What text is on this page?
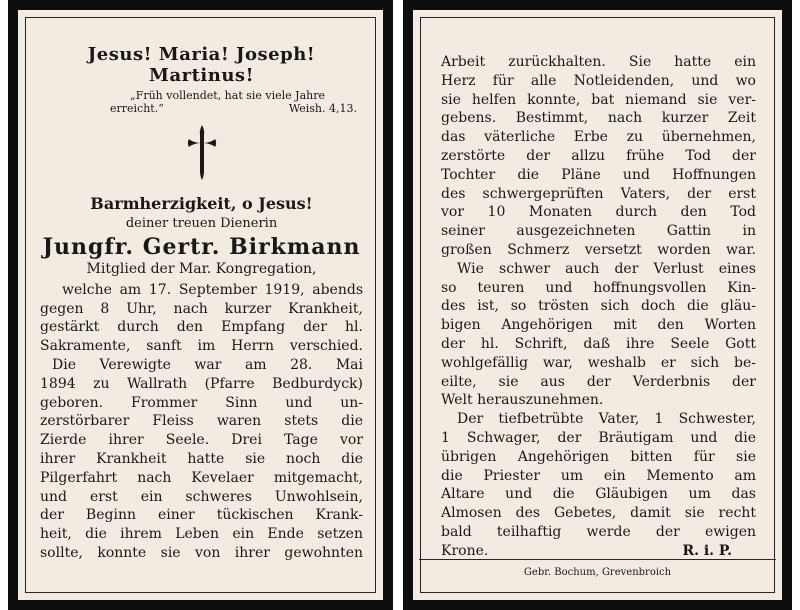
Jesus! Maria! Joseph!
Martinus!
„Früh vollendet, hat sie viele Jahre
erreicht.“	Weish. 4,13.
Barmherzigkeit, o Jesus!
deiner treuen Dienerin
Jungfr. Gertr. Birkmann
Mitglied der Mar. Kongregation,
welche am 17. September 1919, abends
gegen 8 Uhr, nach kurzer Krankheit,
gestärkt durch den Empfang der hl.
Sakramente, sanft im Herrn verschied.
Die Verewigte war am 28. Mai
1894 zu Wallrath (Pfarre Bedburdyck)
geboren. Frommer Sinn und un-
zerstörbarer Fleiss waren stets die
Zierde ihrer Seele. Drei Tage vor
ihrer Krankheit hatte sie noch die
Pilgerfahrt nach Kevelaer mitgemacht,
und erst ein schweres Unwohlsein,
der Beginn einer tückischen Krank-
heit, die ihrem Leben ein Ende setzen
sollte, konnte sie von ihrer gewohnten
Arbeit zurückhalten. Sie hatte ein
Herz für alle Notleidenden, und wo
sie helfen konnte, bat niemand sie ver-
gebens. Bestimmt, nach kurzer Zeit
das väterliche Erbe zu übernehmen,
zerstörte der allzu frühe Tod der
Tochter die Pläne und Hoffnungen
des schwergeprüften Vaters, der erst
vor 10 Monaten durch den Tod
seiner ausgezeichneten Gattin in
großen Schmerz versetzt worden war.
Wie schwer auch der Verlust eines
so teuren und hoffnungsvollen Kin-
des ist, so trösten sich doch die gläu-
bigen Angehörigen mit den Worten
der hl. Schrift, daß ihre Seele Gott
wohlgefällig war, weshalb er sich be-
eilte, sie aus der Verderbnis der
Welt herauszunehmen.
Der tiefbetrübte Vater, 1 Schwester,
1 Schwager, der Bräutigam und die
übrigen Angehörigen bitten für sie
die Priester um ein Memento am
Altare und die Gläubigen um das
Almosen des Gebetes, damit sie recht
bald teilhaftig werde der ewigen
Krone.	R. i. P.
Gebr. Bochum, Grevenbroich
